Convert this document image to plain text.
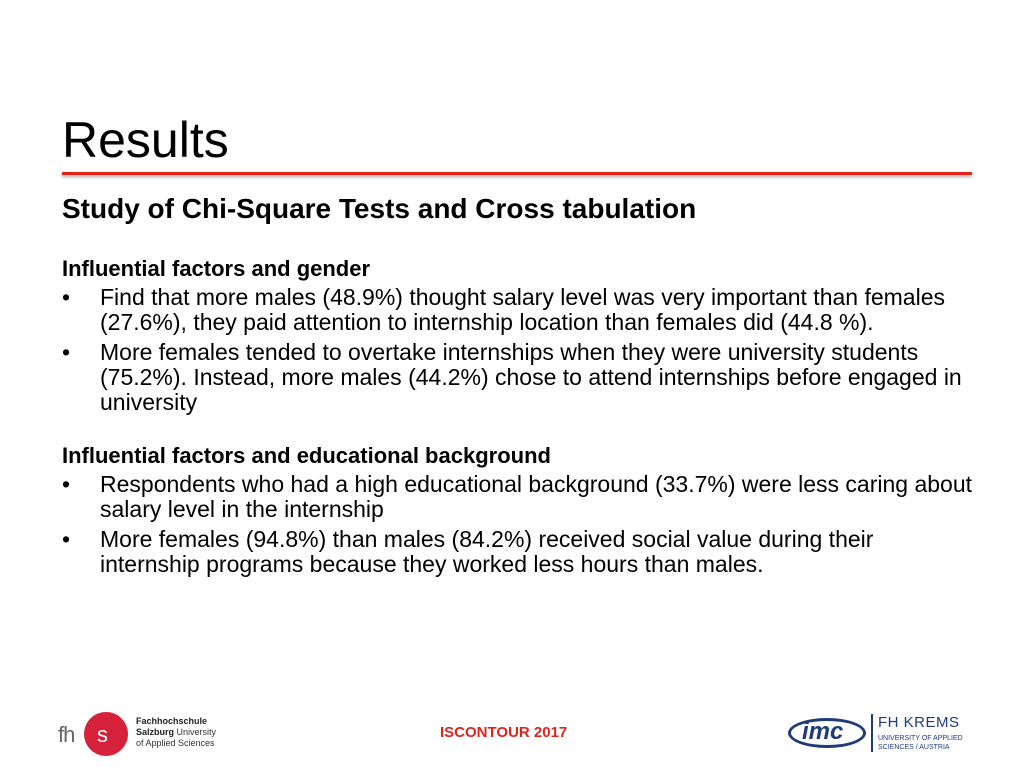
Results

Study of Chi-Square Tests and Cross tabulation

Influential factors and gender

• Find that more males (48.9%) thought salary level was very important than females (27.6%), they paid attention to internship location than females did (44.8 %).
• More females tended to overtake internships when they were university students (75.2%). Instead, more males (44.2%) chose to attend internships before engaged in university

Influential factors and educational background

• Respondents who had a high educational background (33.7%) were less caring about salary level in the internship
• More females (94.8%) than males (84.2%) received social value during their internship programs because they worked less hours than males.
fh s
Fachhochschule
Salzburg University
of Applied Sciences
ISCONTOUR 2017	imc FH KREMS
UNIVERSITY OF APPLIED
SCIENCES / AUSTRIA
